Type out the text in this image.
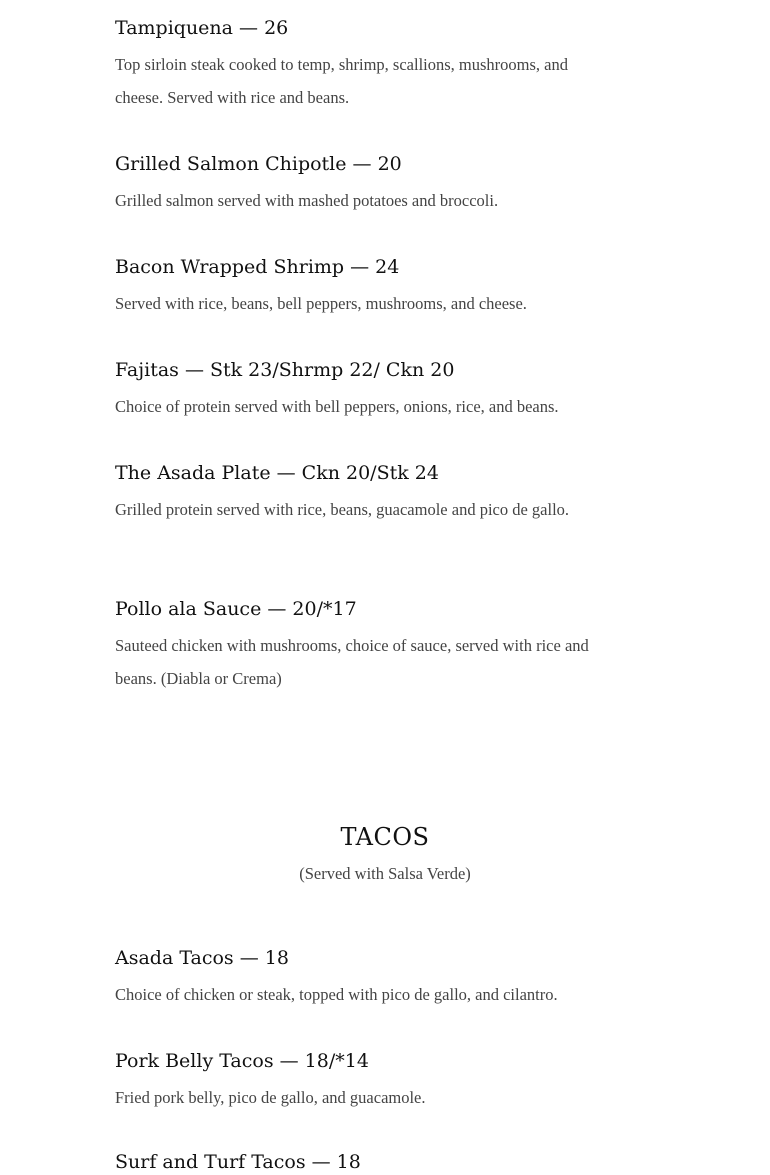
Tampiquena — 26

Top sirloin steak cooked to temp, shrimp, scallions, mushrooms, and cheese. Served with rice and beans.

Grilled Salmon Chipotle — 20

Grilled salmon served with mashed potatoes and broccoli.

Bacon Wrapped Shrimp — 24

Served with rice, beans, bell peppers, mushrooms, and cheese.

Fajitas — Stk 23/Shrmp 22/ Ckn 20

Choice of protein served with bell peppers, onions, rice, and beans.

The Asada Plate — Ckn 20/Stk 24

Grilled protein served with rice, beans, guacamole and pico de gallo.

Pollo ala Sauce — 20/*17

Sauteed chicken with mushrooms, choice of sauce, served with rice and beans. (Diabla or Crema)

TACOS

(Served with Salsa Verde)

Asada Tacos — 18

Choice of chicken or steak, topped with pico de gallo, and cilantro.

Pork Belly Tacos — 18/*14

Fried pork belly, pico de gallo, and guacamole.

Surf and Turf Tacos — 18
